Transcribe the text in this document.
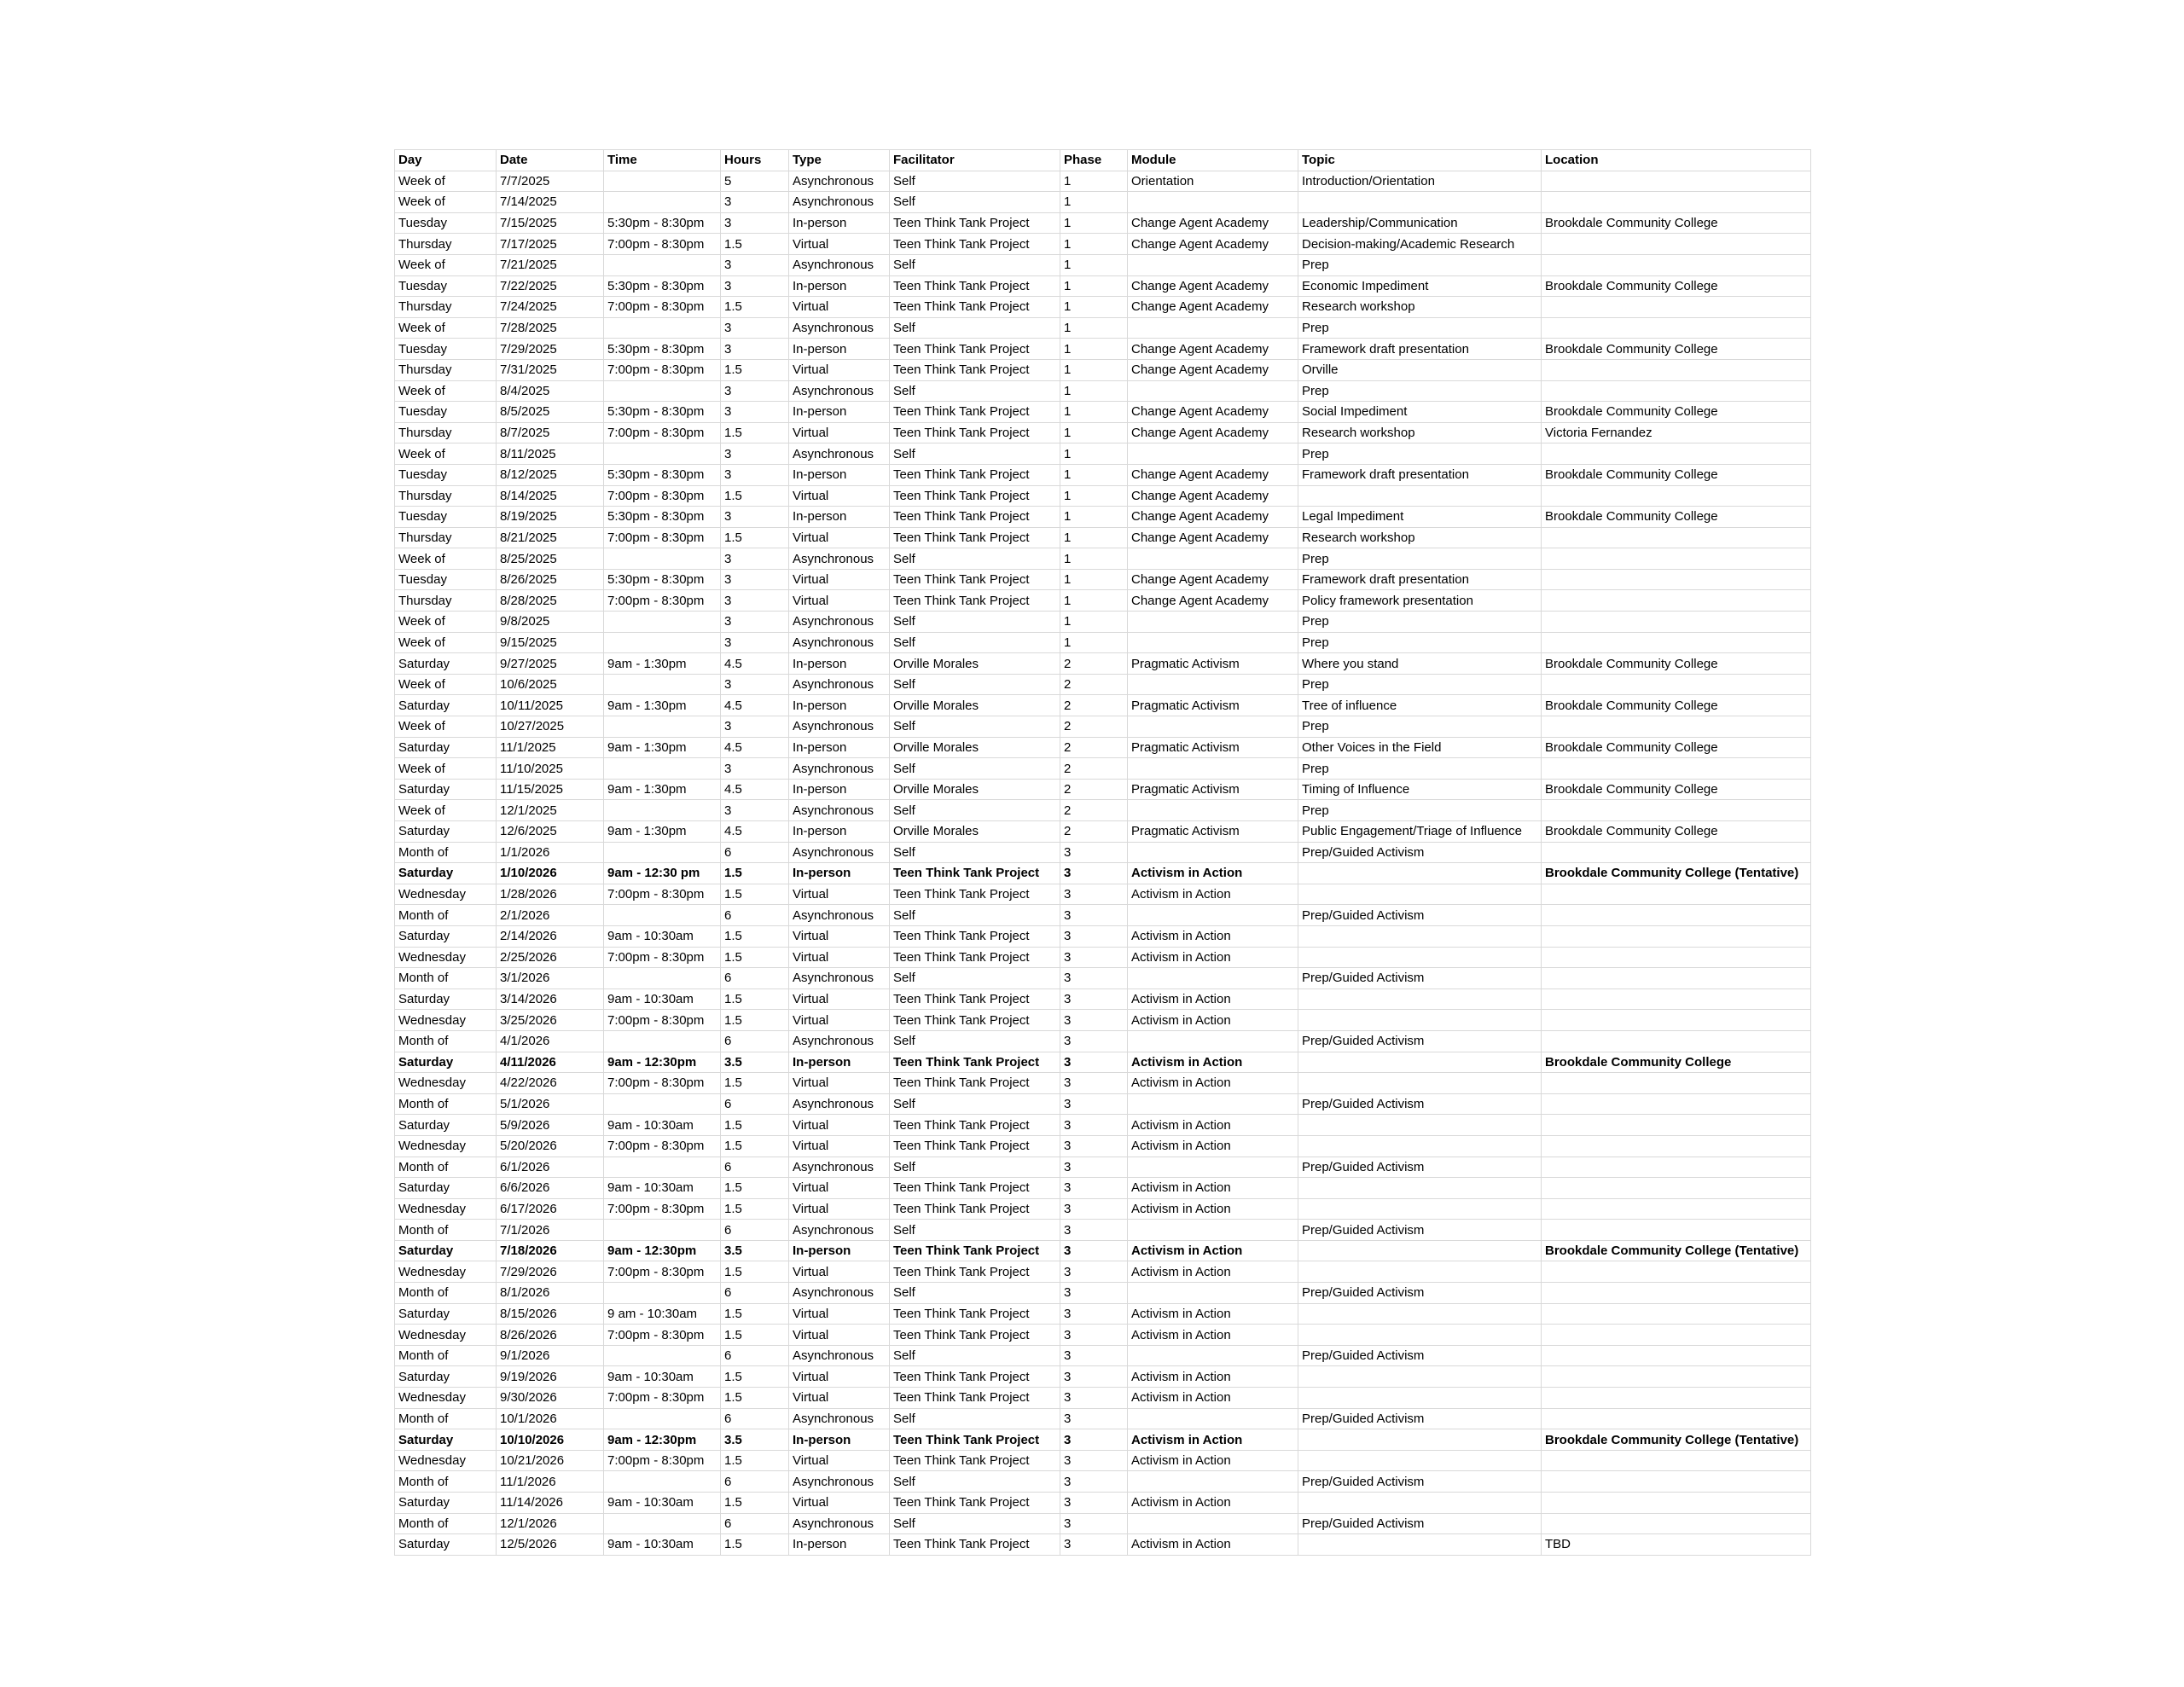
Day	Date	Time	Hours	Type	Facilitator	Phase	Module	Topic	Location
Week of	7/7/2025		5	Asynchronous	Self	1	Orientation	Introduction/Orientation	
Week of	7/14/2025		3	Asynchronous	Self	1			
Tuesday	7/15/2025	5:30pm - 8:30pm	3	In-person	Teen Think Tank Project	1	Change Agent Academy	Leadership/Communication	Brookdale Community College
Thursday	7/17/2025	7:00pm - 8:30pm	1.5	Virtual	Teen Think Tank Project	1	Change Agent Academy	Decision-making/Academic Research	
Week of	7/21/2025		3	Asynchronous	Self	1		Prep	
Tuesday	7/22/2025	5:30pm - 8:30pm	3	In-person	Teen Think Tank Project	1	Change Agent Academy	Economic Impediment	Brookdale Community College
Thursday	7/24/2025	7:00pm - 8:30pm	1.5	Virtual	Teen Think Tank Project	1	Change Agent Academy	Research workshop	
Week of	7/28/2025		3	Asynchronous	Self	1		Prep	
Tuesday	7/29/2025	5:30pm - 8:30pm	3	In-person	Teen Think Tank Project	1	Change Agent Academy	Framework draft presentation	Brookdale Community College
Thursday	7/31/2025	7:00pm - 8:30pm	1.5	Virtual	Teen Think Tank Project	1	Change Agent Academy	Orville	
Week of	8/4/2025		3	Asynchronous	Self	1		Prep	
Tuesday	8/5/2025	5:30pm - 8:30pm	3	In-person	Teen Think Tank Project	1	Change Agent Academy	Social Impediment	Brookdale Community College
Thursday	8/7/2025	7:00pm - 8:30pm	1.5	Virtual	Teen Think Tank Project	1	Change Agent Academy	Research workshop	Victoria Fernandez
Week of	8/11/2025		3	Asynchronous	Self	1		Prep	
Tuesday	8/12/2025	5:30pm - 8:30pm	3	In-person	Teen Think Tank Project	1	Change Agent Academy	Framework draft presentation	Brookdale Community College
Thursday	8/14/2025	7:00pm - 8:30pm	1.5	Virtual	Teen Think Tank Project	1	Change Agent Academy		
Tuesday	8/19/2025	5:30pm - 8:30pm	3	In-person	Teen Think Tank Project	1	Change Agent Academy	Legal Impediment	Brookdale Community College
Thursday	8/21/2025	7:00pm - 8:30pm	1.5	Virtual	Teen Think Tank Project	1	Change Agent Academy	Research workshop	
Week of	8/25/2025		3	Asynchronous	Self	1		Prep	
Tuesday	8/26/2025	5:30pm - 8:30pm	3	Virtual	Teen Think Tank Project	1	Change Agent Academy	Framework draft presentation	
Thursday	8/28/2025	7:00pm - 8:30pm	3	Virtual	Teen Think Tank Project	1	Change Agent Academy	Policy framework presentation	
Week of	9/8/2025		3	Asynchronous	Self	1		Prep	
Week of	9/15/2025		3	Asynchronous	Self	1		Prep	
Saturday	9/27/2025	9am - 1:30pm	4.5	In-person	Orville Morales	2	Pragmatic Activism	Where you stand	Brookdale Community College
Week of	10/6/2025		3	Asynchronous	Self	2		Prep	
Saturday	10/11/2025	9am - 1:30pm	4.5	In-person	Orville Morales	2	Pragmatic Activism	Tree of influence	Brookdale Community College
Week of	10/27/2025		3	Asynchronous	Self	2		Prep	
Saturday	11/1/2025	9am - 1:30pm	4.5	In-person	Orville Morales	2	Pragmatic Activism	Other Voices in the Field	Brookdale Community College
Week of	11/10/2025		3	Asynchronous	Self	2		Prep	
Saturday	11/15/2025	9am - 1:30pm	4.5	In-person	Orville Morales	2	Pragmatic Activism	Timing of Influence	Brookdale Community College
Week of	12/1/2025		3	Asynchronous	Self	2		Prep	
Saturday	12/6/2025	9am - 1:30pm	4.5	In-person	Orville Morales	2	Pragmatic Activism	Public Engagement/Triage of Influence	Brookdale Community College
Month of	1/1/2026		6	Asynchronous	Self	3		Prep/Guided Activism	
Saturday	1/10/2026	9am - 12:30 pm	1.5	In-person	Teen Think Tank Project	3	Activism in Action		Brookdale Community College (Tentative)
Wednesday	1/28/2026	7:00pm - 8:30pm	1.5	Virtual	Teen Think Tank Project	3	Activism in Action		
Month of	2/1/2026		6	Asynchronous	Self	3		Prep/Guided Activism	
Saturday	2/14/2026	9am - 10:30am	1.5	Virtual	Teen Think Tank Project	3	Activism in Action		
Wednesday	2/25/2026	7:00pm - 8:30pm	1.5	Virtual	Teen Think Tank Project	3	Activism in Action		
Month of	3/1/2026		6	Asynchronous	Self	3		Prep/Guided Activism	
Saturday	3/14/2026	9am - 10:30am	1.5	Virtual	Teen Think Tank Project	3	Activism in Action		
Wednesday	3/25/2026	7:00pm - 8:30pm	1.5	Virtual	Teen Think Tank Project	3	Activism in Action		
Month of	4/1/2026		6	Asynchronous	Self	3		Prep/Guided Activism	
Saturday	4/11/2026	9am - 12:30pm	3.5	In-person	Teen Think Tank Project	3	Activism in Action		Brookdale Community College
Wednesday	4/22/2026	7:00pm - 8:30pm	1.5	Virtual	Teen Think Tank Project	3	Activism in Action		
Month of	5/1/2026		6	Asynchronous	Self	3		Prep/Guided Activism	
Saturday	5/9/2026	9am - 10:30am	1.5	Virtual	Teen Think Tank Project	3	Activism in Action		
Wednesday	5/20/2026	7:00pm - 8:30pm	1.5	Virtual	Teen Think Tank Project	3	Activism in Action		
Month of	6/1/2026		6	Asynchronous	Self	3		Prep/Guided Activism	
Saturday	6/6/2026	9am - 10:30am	1.5	Virtual	Teen Think Tank Project	3	Activism in Action		
Wednesday	6/17/2026	7:00pm - 8:30pm	1.5	Virtual	Teen Think Tank Project	3	Activism in Action		
Month of	7/1/2026		6	Asynchronous	Self	3		Prep/Guided Activism	
Saturday	7/18/2026	9am - 12:30pm	3.5	In-person	Teen Think Tank Project	3	Activism in Action		Brookdale Community College (Tentative)
Wednesday	7/29/2026	7:00pm - 8:30pm	1.5	Virtual	Teen Think Tank Project	3	Activism in Action		
Month of	8/1/2026		6	Asynchronous	Self	3		Prep/Guided Activism	
Saturday	8/15/2026	9 am - 10:30am	1.5	Virtual	Teen Think Tank Project	3	Activism in Action		
Wednesday	8/26/2026	7:00pm - 8:30pm	1.5	Virtual	Teen Think Tank Project	3	Activism in Action		
Month of	9/1/2026		6	Asynchronous	Self	3		Prep/Guided Activism	
Saturday	9/19/2026	9am - 10:30am	1.5	Virtual	Teen Think Tank Project	3	Activism in Action		
Wednesday	9/30/2026	7:00pm - 8:30pm	1.5	Virtual	Teen Think Tank Project	3	Activism in Action		
Month of	10/1/2026		6	Asynchronous	Self	3		Prep/Guided Activism	
Saturday	10/10/2026	9am - 12:30pm	3.5	In-person	Teen Think Tank Project	3	Activism in Action		Brookdale Community College (Tentative)
Wednesday	10/21/2026	7:00pm - 8:30pm	1.5	Virtual	Teen Think Tank Project	3	Activism in Action		
Month of	11/1/2026		6	Asynchronous	Self	3		Prep/Guided Activism	
Saturday	11/14/2026	9am - 10:30am	1.5	Virtual	Teen Think Tank Project	3	Activism in Action		
Month of	12/1/2026		6	Asynchronous	Self	3		Prep/Guided Activism	
Saturday	12/5/2026	9am - 10:30am	1.5	In-person	Teen Think Tank Project	3	Activism in Action		TBD
